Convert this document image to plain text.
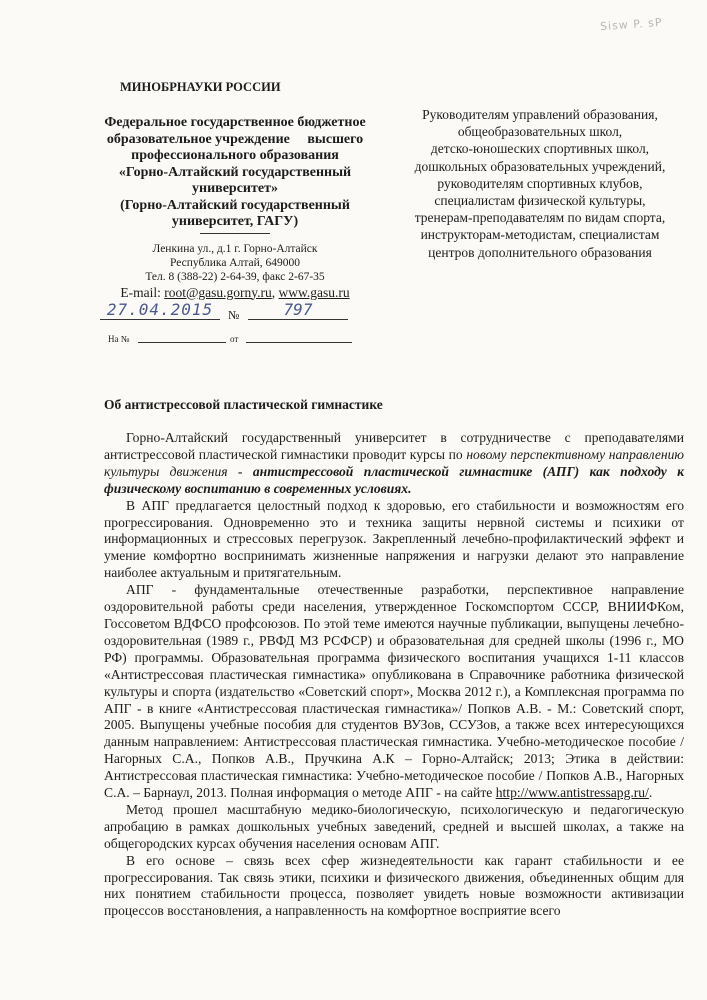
Sisw P. sP
МИНОБРНАУКИ РОССИИ
Федеральное государственное бюджетное
образовательное учреждение     высшего
профессионального образования
«Горно-Алтайский государственный
университет»
(Горно-Алтайский государственный
университет, ГАГУ)
Ленкина ул., д.1 г. Горно-Алтайск
Республика Алтай, 649000
Тел. 8 (388-22) 2-64-39, факс 2-67-35
E-mail: root@gasu.gorny.ru, www.gasu.ru
27.04.2015	№	797
На №	от
Руководителям управлений образования,
общеобразовательных школ,
детско-юношеских спортивных школ,
дошкольных образовательных учреждений,
руководителям спортивных клубов,
специалистам физической культуры,
тренерам-преподавателям по видам спорта,
инструкторам-методистам, специалистам
центров дополнительного образования
Об антистрессовой пластической гимнастике

Горно-Алтайский государственный университет в сотрудничестве с преподавателями антистрессовой пластической гимнастики проводит курсы по новому перспективному направлению культуры движения - антистрессовой пластической гимнастике (АПГ) как подходу к физическому воспитанию в современных условиях.

В АПГ предлагается целостный подход к здоровью, его стабильности и возможностям его прогрессирования. Одновременно это и техника защиты нервной системы и психики от информационных и стрессовых перегрузок. Закрепленный лечебно-профилактический эффект и умение комфортно воспринимать жизненные напряжения и нагрузки делают это направление наиболее актуальным и притягательным.

АПГ - фундаментальные отечественные разработки, перспективное направление оздоровительной работы среди населения, утвержденное Госкомспортом СССР, ВНИИФКом, Госсоветом ВДФСО профсоюзов. По этой теме имеются научные публикации, выпущены лечебно-оздоровительная (1989 г., РВФД МЗ РСФСР) и образовательная для средней школы (1996 г., МО РФ) программы. Образовательная программа физического воспитания учащихся 1-11 классов «Антистрессовая пластическая гимнастика» опубликована в Справочнике работника физической культуры и спорта (издательство «Советский спорт», Москва 2012 г.), а Комплексная программа по АПГ - в книге «Антистрессовая пластическая гимнастика»/ Попков А.В. - М.: Советский спорт, 2005. Выпущены учебные пособия для студентов ВУЗов, ССУЗов, а также всех интересующихся данным направлением: Антистрессовая пластическая гимнастика. Учебно-методическое пособие / Нагорных С.А., Попков А.В., Пручкина А.К – Горно-Алтайск; 2013; Этика в действии: Антистрессовая пластическая гимнастика: Учебно-методическое пособие / Попков А.В., Нагорных С.А. – Барнаул, 2013. Полная информация о методе АПГ - на сайте http://www.antistressapg.ru/.

Метод прошел масштабную медико-биологическую, психологическую и педагогическую апробацию в рамках дошкольных учебных заведений, средней и высшей школах, а также на общегородских курсах обучения населения основам АПГ.

В его основе – связь всех сфер жизнедеятельности как гарант стабильности и ее прогрессирования. Так связь этики, психики и физического движения, объединенных общим для них понятием стабильности процесса, позволяет увидеть новые возможности активизации процессов восстановления, а направленность на комфортное восприятие всего
